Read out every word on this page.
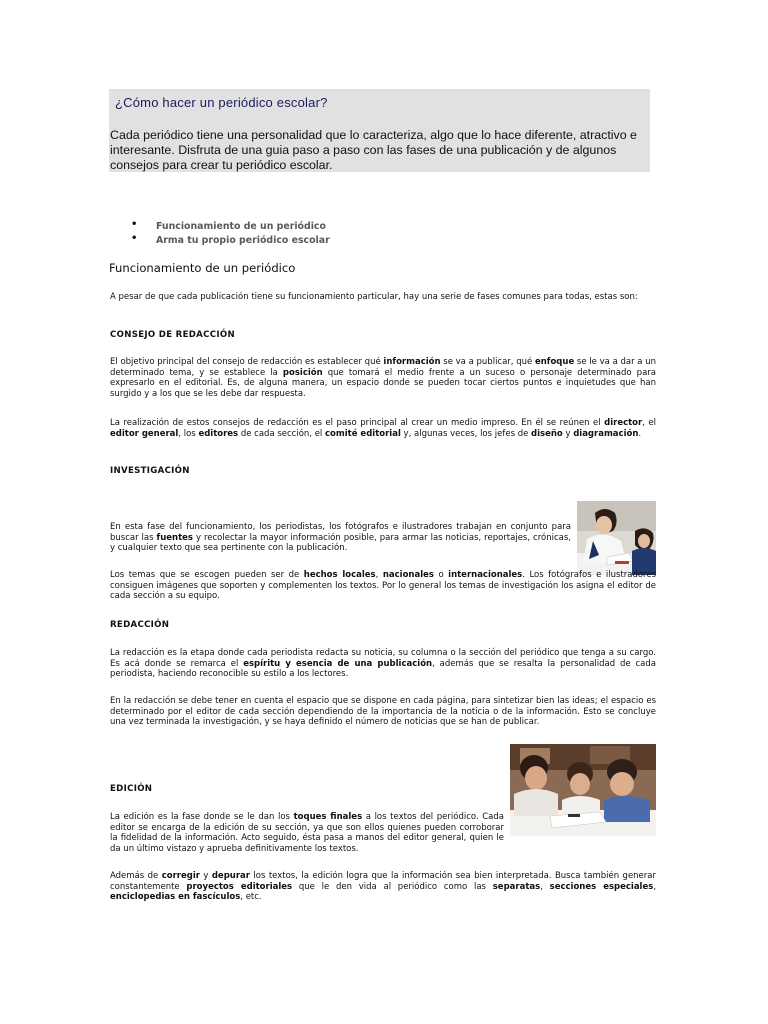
¿Cómo hacer un periódico escolar?

Cada periódico tiene una personalidad que lo caracteriza, algo que lo hace diferente, atractivo e interesante. Disfruta de una guia paso a paso con las fases de una publicación y de algunos consejos para crear tu periódico escolar.

• Funcionamiento de un periódico
• Arma tu propio periódico escolar
Funcionamiento de un periódico

A pesar de que cada publicación tiene su funcionamiento particular, hay una serie de fases comunes para todas, estas son:

CONSEJO DE REDACCIÓN

El objetivo principal del consejo de redacción es establecer qué información se va a publicar, qué enfoque se le va a dar a un determinado tema, y se establece la posición que tomará el medio frente a un suceso o personaje determinado para expresarlo en el editorial. Es, de alguna manera, un espacio donde se pueden tocar ciertos puntos e inquietudes que han surgido y a los que se les debe dar respuesta.

La realización de estos consejos de redacción es el paso principal al crear un medio impreso. En él se reúnen el director, el editor general, los editores de cada sección, el comité editorial y, algunas veces, los jefes de diseño y diagramación.

INVESTIGACIÓN

En esta fase del funcionamiento, los periodistas, los fotógrafos e ilustradores trabajan en conjunto para buscar las fuentes y recolectar la mayor información posible, para armar las noticias, reportajes, crónicas, y cualquier texto que sea pertinente con la publicación.

Los temas que se escogen pueden ser de hechos locales, nacionales o internacionales. Los fotógrafos e ilustradores consiguen imágenes que soporten y complementen los textos. Por lo general los temas de investigación los asigna el editor de cada sección a su equipo.

REDACCIÓN

La redacción es la etapa donde cada periodista redacta su noticia, su columna o la sección del periódico que tenga a su cargo. Es acá donde se remarca el espíritu y esencia de una publicación, además que se resalta la personalidad de cada periodista, haciendo reconocible su estilo a los lectores.

En la redacción se debe tener en cuenta el espacio que se dispone en cada página, para sintetizar bien las ideas; el espacio es determinado por el editor de cada sección dependiendo de la importancia de la noticia o de la información. Esto se concluye una vez terminada la investigación, y se haya definido el número de noticias que se han de publicar.

EDICIÓN

La edición es la fase donde se le dan los toques finales a los textos del periódico. Cada editor se encarga de la edición de su sección, ya que son ellos quienes pueden corroborar la fidelidad de la información. Acto seguido, ésta pasa a manos del editor general, quien le da un último vistazo y aprueba definitivamente los textos.

Además de corregir y depurar los textos, la edición logra que la información sea bien interpretada. Busca también generar constantemente proyectos editoriales que le den vida al periódico como las separatas, secciones especiales, enciclopedias en fascículos, etc.
